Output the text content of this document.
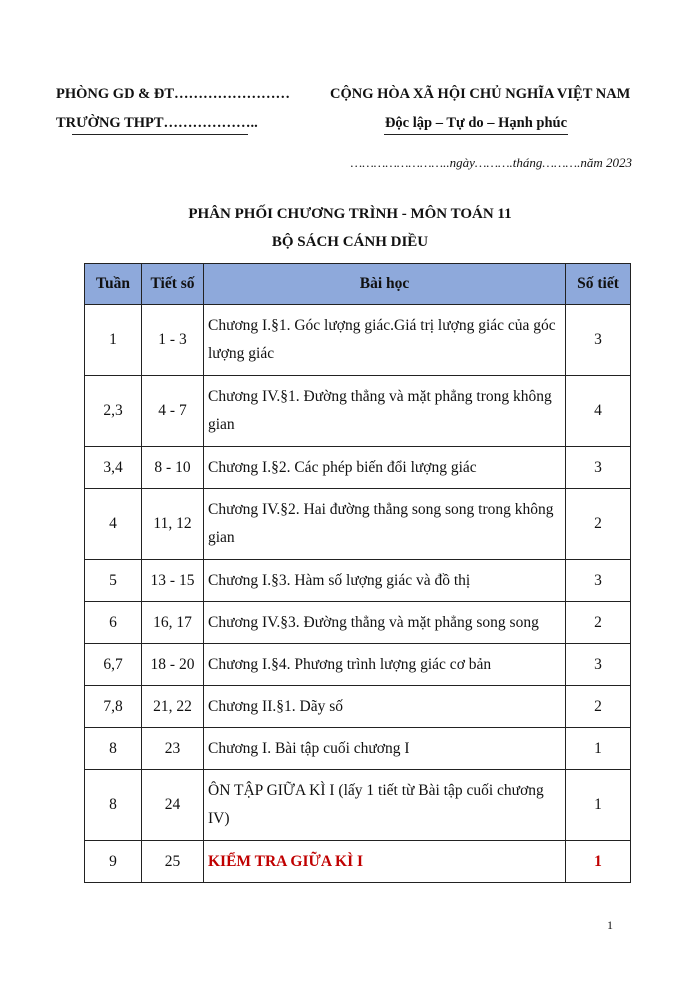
PHÒNG GD & ĐT……………………
TRƯỜNG THPT………………..
CỘNG HÒA XÃ HỘI CHỦ NGHĨA VIỆT NAM
Độc lập – Tự do – Hạnh phúc
……………………..ngày……….tháng……….năm 2023
PHÂN PHỐI CHƯƠNG TRÌNH - MÔN TOÁN 11
BỘ SÁCH CÁNH DIỀU
Tuần	Tiết số	Bài học	Số tiết
1	1 - 3	Chương I.§1. Góc lượng giác.Giá trị lượng giác của góc lượng giác	3
2,3	4 - 7	Chương IV.§1. Đường thẳng và mặt phẳng trong không gian	4
3,4	8 - 10	Chương I.§2. Các phép biến đổi lượng giác	3
4	11, 12	Chương IV.§2. Hai đường thẳng song song trong không gian	2
5	13 - 15	Chương I.§3. Hàm số lượng giác và đồ thị	3
6	16, 17	Chương IV.§3. Đường thẳng và mặt phẳng song song	2
6,7	18 - 20	Chương I.§4. Phương trình lượng giác cơ bản	3
7,8	21, 22	Chương II.§1. Dãy số	2
8	23	Chương I. Bài tập cuối chương I	1
8	24	ÔN TẬP GIỮA KÌ I (lấy 1 tiết từ Bài tập cuối chương IV)	1
9	25	KIỂM TRA GIỮA KÌ I	1
1
